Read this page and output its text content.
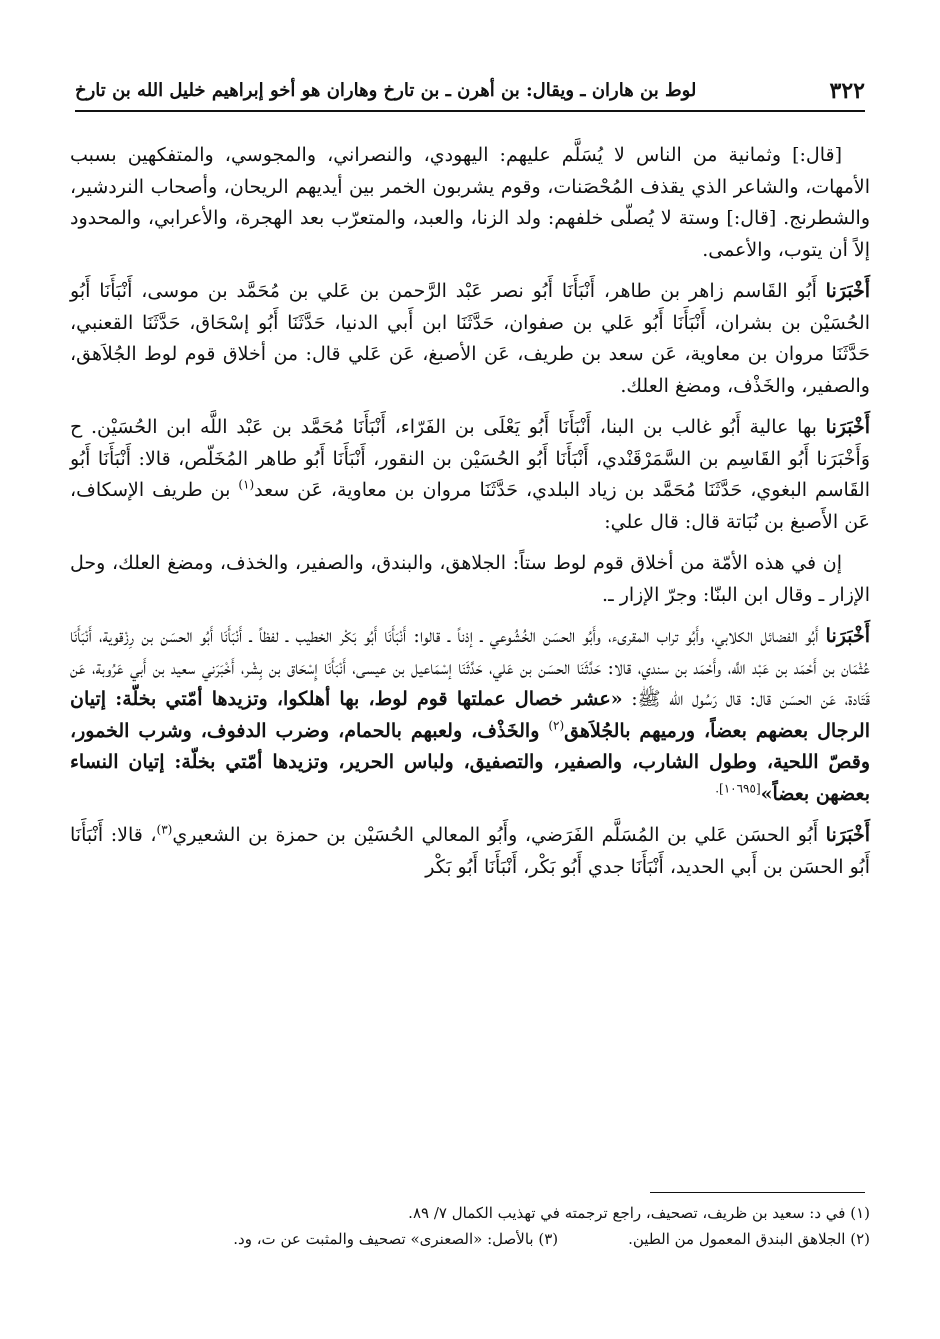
٣٢٢
لوط بن هاران ـ ويقال: بن أهرن ـ بن تارخ وهاران هو أخو إبراهيم خليل الله بن تارخ

[قال:] وثمانية من الناس لا يُسَلَّم عليهم: اليهودي، والنصراني، والمجوسي، والمتفكهين بسبب الأمهات، والشاعر الذي يقذف المُحْصَنات، وقوم يشربون الخمر بين أيديهم الريحان، وأصحاب النردشير، والشطرنج. [قال:] وستة لا يُصلّى خلفهم: ولد الزنا، والعبد، والمتعرّب بعد الهجرة، والأعرابي، والمحدود إلاً أن يتوب، والأعمى.

أَخْبَرَنا أَبُو القَاسم زاهر بن طاهر، أَنْبَأَنَا أَبُو نصر عَبْد الرَّحمن بن عَلي بن مُحَمَّد بن موسى، أَنْبَأَنَا أَبُو الحُسَيْن بن بشران، أَنْبَأَنَا أَبُو عَلي بن صفوان، حَدَّثَنَا ابن أَبي الدنيا، حَدَّثَنَا أَبُو إسْحَاق، حَدَّثَنَا القعنبي، حَدَّثَنَا مروان بن معاوية، عَن سعد بن طريف، عَن الأصبغ، عَن عَلي قال: من أخلاق قوم لوط الجُلاَهق، والصفير، والخَذْف، ومضغ العلك.

أَخْبَرَنا بها عالية أَبُو غالب بن البنا، أَنْبَأَنَا أَبُو يَعْلَى بن الفَرّاء، أَنْبَأَنَا مُحَمَّد بن عَبْد اللَّه ابن الحُسَيْن. ح وَأَخْبَرَنا أَبُو القَاسِم بن السَّمَرْقَنْدي، أَنْبَأَنَا أَبُو الحُسَيْن بن النقور، أَنْبَأَنَا أَبُو طاهر المُخَلّص، قالا: أَنْبَأَنَا أَبُو القَاسم البغوي، حَدَّثَنَا مُحَمَّد بن زياد البلدي، حَدَّثَنَا مروان بن معاوية، عَن سعد$^{(١)}$ بن طريف الإسكاف، عَن الأَصبغ بن نُبَاتة قال: قال علي:

إن في هذه الأمّة من أخلاق قوم لوط ستاً: الجلاهق، والبندق، والصفير، والخذف، ومضغ العلك، وحل الإزار ـ وقال ابن البنّا: وجرّ الإزار ـ.

أَخْبَرَنا أَبُو الفضائل الكلابي، وأَبُو تراب المقرىء، وأَبُو الحسَن الخُشُوعي ـ إذناً ـ قالوا: أَنْبَأَنَا أَبُو بَكْر الخطيب ـ لفظاً ـ أَنْبَأَنَا أَبُو الحسَن بن رِزْقوية، أَنْبَأَنَا عُثْمَان بن أَحْمَد بن عَبْد اللَّه، وأَحْمَد بن سندي، قالا: حَدَّثَنَا الحسَن بن عَلي، حَدَّثَنَا إسْمَاعيل بن عيسى، أَنْبَأَنَا إِسْحَاق بن بِشْر، أَخْبَرَني سعيد بن أَبي عَرُوبة، عَن قَتَادة، عَن الحسَن قال: قال رَسُول الله ﷺ: «عشر خصال عملتها قوم لوط، بها أهلكوا، وتزيدها أمّتي بخلّة: إتيان الرجال بعضهم بعضاً، ورميهم بالجُلاَهق$^{(٢)}$ والخَذْف، ولعبهم بالحمام، وضرب الدفوف، وشرب الخمور، وقصّ اللحية، وطول الشارب، والصفير، والتصفيق، ولباس الحرير، وتزيدها أمّتي بخلّة: إتيان النساء بعضهن بعضاً»$^{[١٠٦٩٥].}$

أَخْبَرَنا أَبُو الحسَن عَلي بن المُسَلَّم الفَرَضي، وأَبُو المعالي الحُسَيْن بن حمزة بن الشعيري$^{(٣)}$، قالا: أَنْبَأَنَا أَبُو الحسَن بن أَبي الحديد، أَنْبَأَنَا جدي أَبُو بَكْر، أَنْبَأَنَا أَبُو بَكْر

(١) في د: سعيد بن ظريف، تصحيف، راجع ترجمته في تهذيب الكمال ٧/ ٨٩.
(٢) الجلاهق البندق المعمول من الطين.
(٣) بالأصل: «الصعنرى» تصحيف والمثبت عن ت، ود.
